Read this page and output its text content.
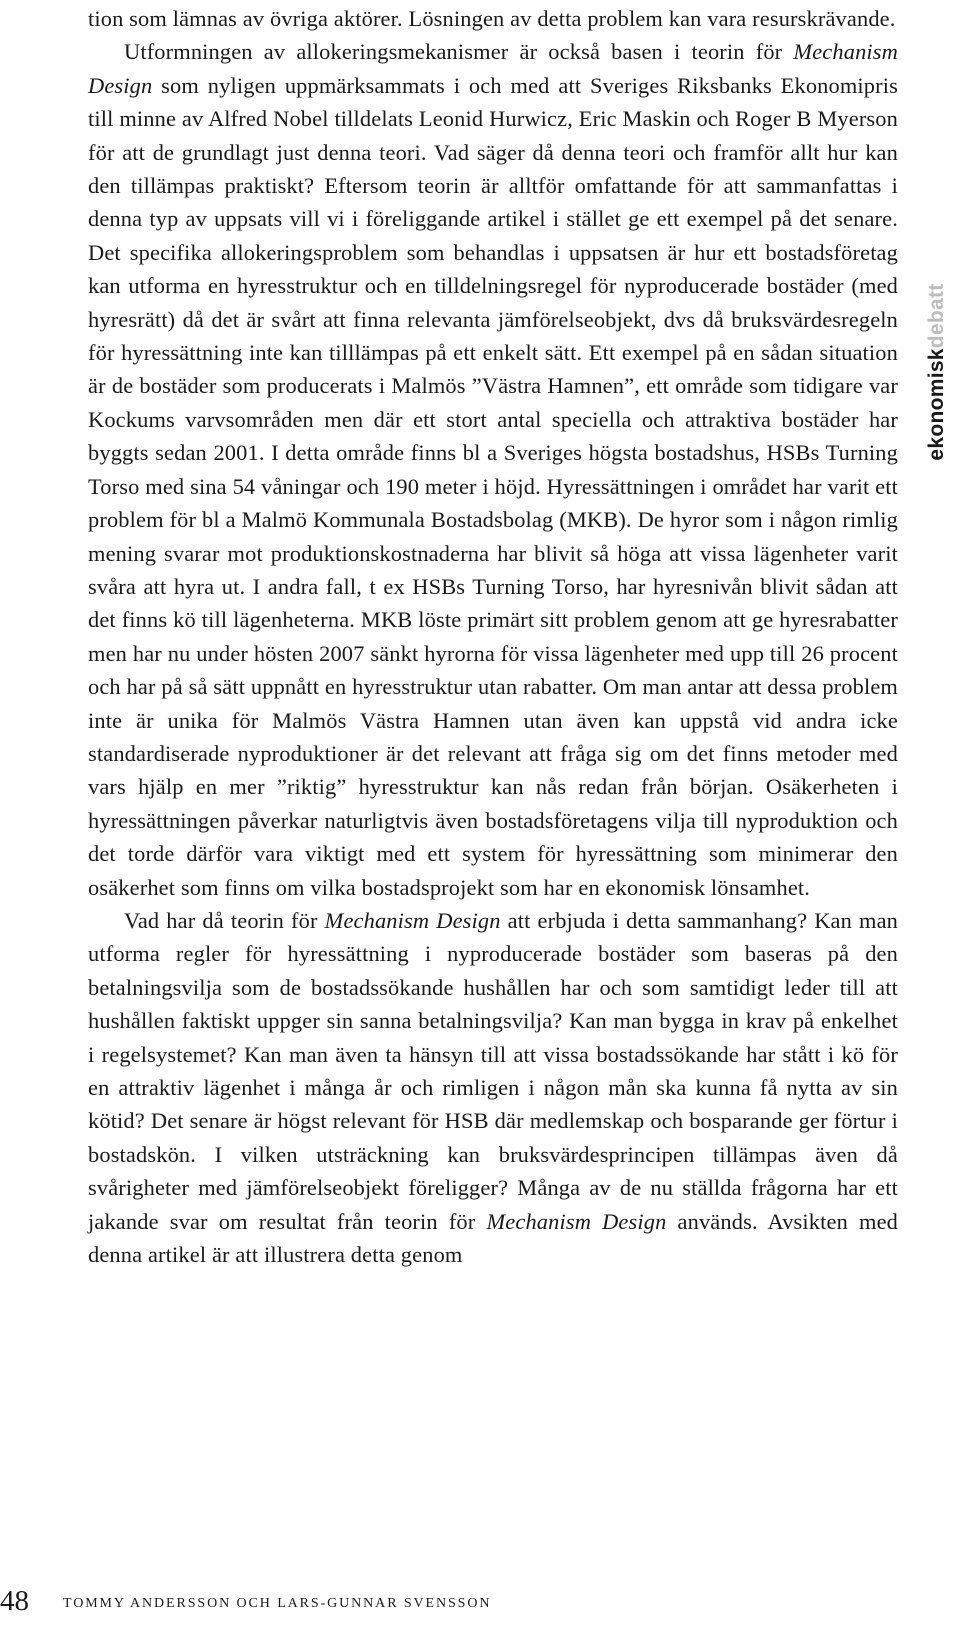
tion som lämnas av övriga aktörer. Lösningen av detta problem kan vara resurskrävande.

Utformningen av allokeringsmekanismer är också basen i teorin för Mechanism Design som nyligen uppmärksammats i och med att Sveriges Riksbanks Ekonomipris till minne av Alfred Nobel tilldelats Leonid Hurwicz, Eric Maskin och Roger B Myerson för att de grundlagt just denna teori. Vad säger då denna teori och framför allt hur kan den tillämpas praktiskt? Eftersom teorin är alltför omfattande för att sammanfattas i denna typ av uppsats vill vi i föreliggande artikel i stället ge ett exempel på det senare. Det specifika allokeringsproblem som behandlas i uppsatsen är hur ett bostadsföretag kan utforma en hyresstruktur och en tilldelningsregel för nyproducerade bostäder (med hyresrätt) då det är svårt att finna relevanta jämförelseobjekt, dvs då bruksvärdesregeln för hyressättning inte kan tilllämpas på ett enkelt sätt. Ett exempel på en sådan situation är de bostäder som producerats i Malmös ”Västra Hamnen”, ett område som tidigare var Kockums varvsområden men där ett stort antal speciella och attraktiva bostäder har byggts sedan 2001. I detta område finns bl a Sveriges högsta bostadshus, HSBs Turning Torso med sina 54 våningar och 190 meter i höjd. Hyressättningen i området har varit ett problem för bl a Malmö Kommunala Bostadsbolag (MKB). De hyror som i någon rimlig mening svarar mot produktionskostnaderna har blivit så höga att vissa lägenheter varit svåra att hyra ut. I andra fall, t ex HSBs Turning Torso, har hyresnivån blivit sådan att det finns kö till lägenheterna. MKB löste primärt sitt problem genom att ge hyresrabatter men har nu under hösten 2007 sänkt hyrorna för vissa lägenheter med upp till 26 procent och har på så sätt uppnått en hyresstruktur utan rabatter. Om man antar att dessa problem inte är unika för Malmös Västra Hamnen utan även kan uppstå vid andra icke standardiserade nyproduktioner är det relevant att fråga sig om det finns metoder med vars hjälp en mer ”riktig” hyresstruktur kan nås redan från början. Osäkerheten i hyressättningen påverkar naturligtvis även bostadsföretagens vilja till nyproduktion och det torde därför vara viktigt med ett system för hyressättning som minimerar den osäkerhet som finns om vilka bostadsprojekt som har en ekonomisk lönsamhet.

Vad har då teorin för Mechanism Design att erbjuda i detta sammanhang? Kan man utforma regler för hyressättning i nyproducerade bostäder som baseras på den betalningsvilja som de bostadssökande hushållen har och som samtidigt leder till att hushållen faktiskt uppger sin sanna betalningsvilja? Kan man bygga in krav på enkelhet i regelsystemet? Kan man även ta hänsyn till att vissa bostadssökande har stått i kö för en attraktiv lägenhet i många år och rimligen i någon mån ska kunna få nytta av sin kötid? Det senare är högst relevant för HSB där medlemskap och bosparande ger förtur i bostadskön. I vilken utsträckning kan bruksvärdesprincipen tillämpas även då svårigheter med jämförelseobjekt föreligger? Många av de nu ställda frågorna har ett jakande svar om resultat från teorin för Mechanism Design används. Avsikten med denna artikel är att illustrera detta genom

ekonomiskdebatt
48 TOMMY ANDERSSON OCH LARS-GUNNAR SVENSSON
